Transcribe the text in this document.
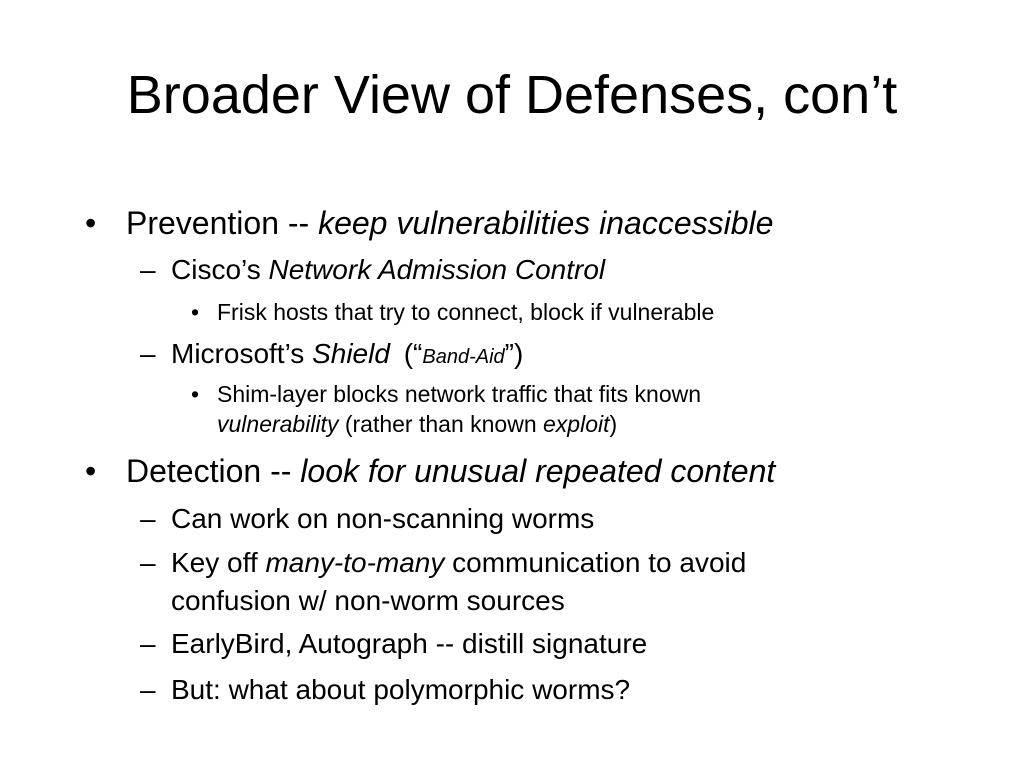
Broader View of Defenses, con’t
• Prevention -- keep vulnerabilities inaccessible
– Cisco’s Network Admission Control
• Frisk hosts that try to connect, block if vulnerable
– Microsoft’s Shield (“Band-Aid”)
• Shim-layer blocks network traffic that fits known
vulnerability (rather than known exploit)
• Detection -- look for unusual repeated content
– Can work on non-scanning worms
– Key off many-to-many communication to avoid
confusion w/ non-worm sources
– EarlyBird, Autograph -- distill signature
– But: what about polymorphic worms?
